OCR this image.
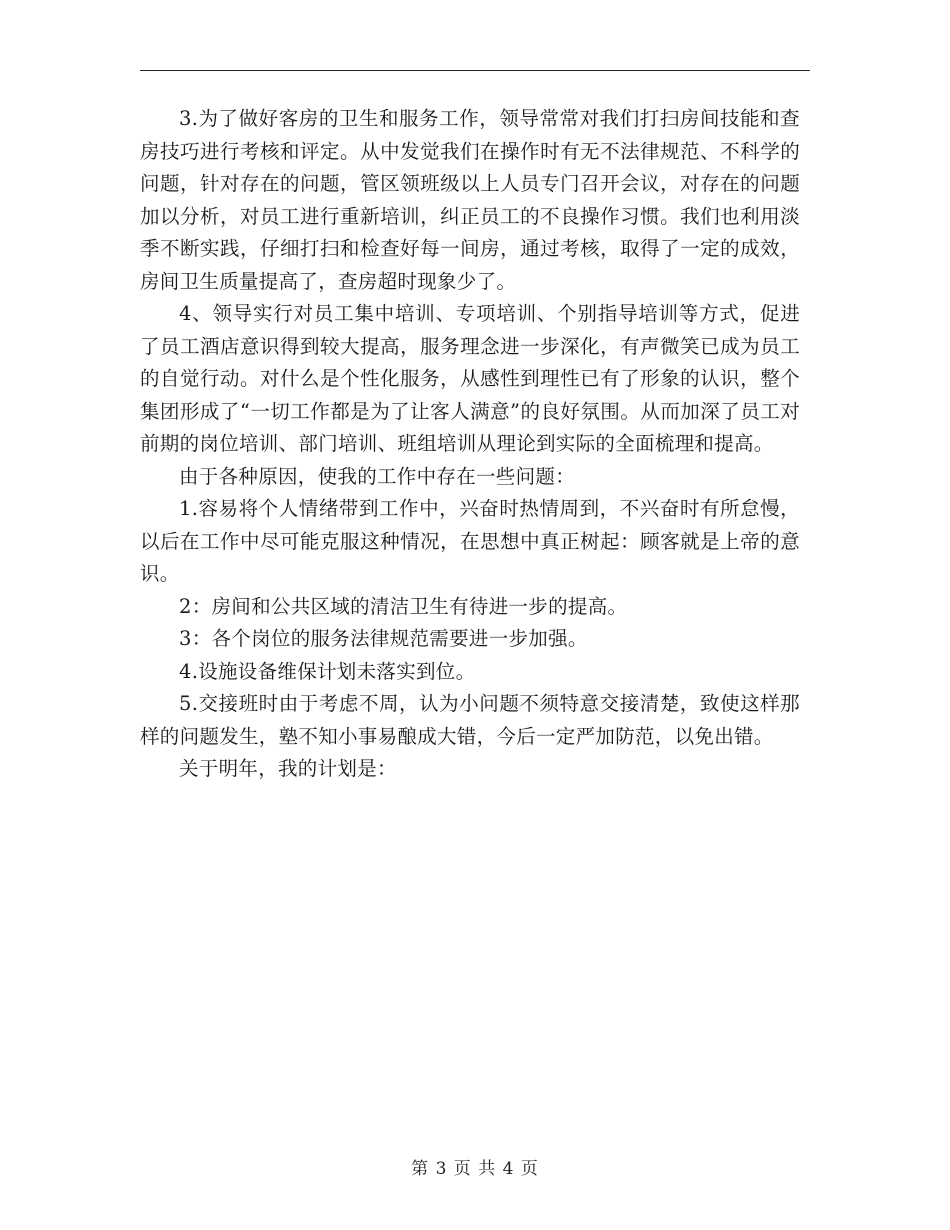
3.为了做好客房的卫生和服务工作，领导常常对我们打扫房间技能和查房技巧进行考核和评定。从中发觉我们在操作时有无不法律规范、不科学的问题，针对存在的问题，管区领班级以上人员专门召开会议，对存在的问题加以分析，对员工进行重新培训，纠正员工的不良操作习惯。我们也利用淡季不断实践，仔细打扫和检查好每一间房，通过考核，取得了一定的成效，房间卫生质量提高了，查房超时现象少了。

4、领导实行对员工集中培训、专项培训、个别指导培训等方式，促进了员工酒店意识得到较大提高，服务理念进一步深化，有声微笑已成为员工的自觉行动。对什么是个性化服务，从感性到理性已有了形象的认识，整个集团形成了“一切工作都是为了让客人满意”的良好氛围。从而加深了员工对前期的岗位培训、部门培训、班组培训从理论到实际的全面梳理和提高。

由于各种原因，使我的工作中存在一些问题：

1.容易将个人情绪带到工作中，兴奋时热情周到，不兴奋时有所怠慢，以后在工作中尽可能克服这种情况，在思想中真正树起：顾客就是上帝的意识。

2：房间和公共区域的清洁卫生有待进一步的提高。

3：各个岗位的服务法律规范需要进一步加强。

4.设施设备维保计划未落实到位。

5.交接班时由于考虑不周，认为小问题不须特意交接清楚，致使这样那样的问题发生，塾不知小事易酿成大错，今后一定严加防范，以免出错。

关于明年，我的计划是：

第 3 页 共 4 页
